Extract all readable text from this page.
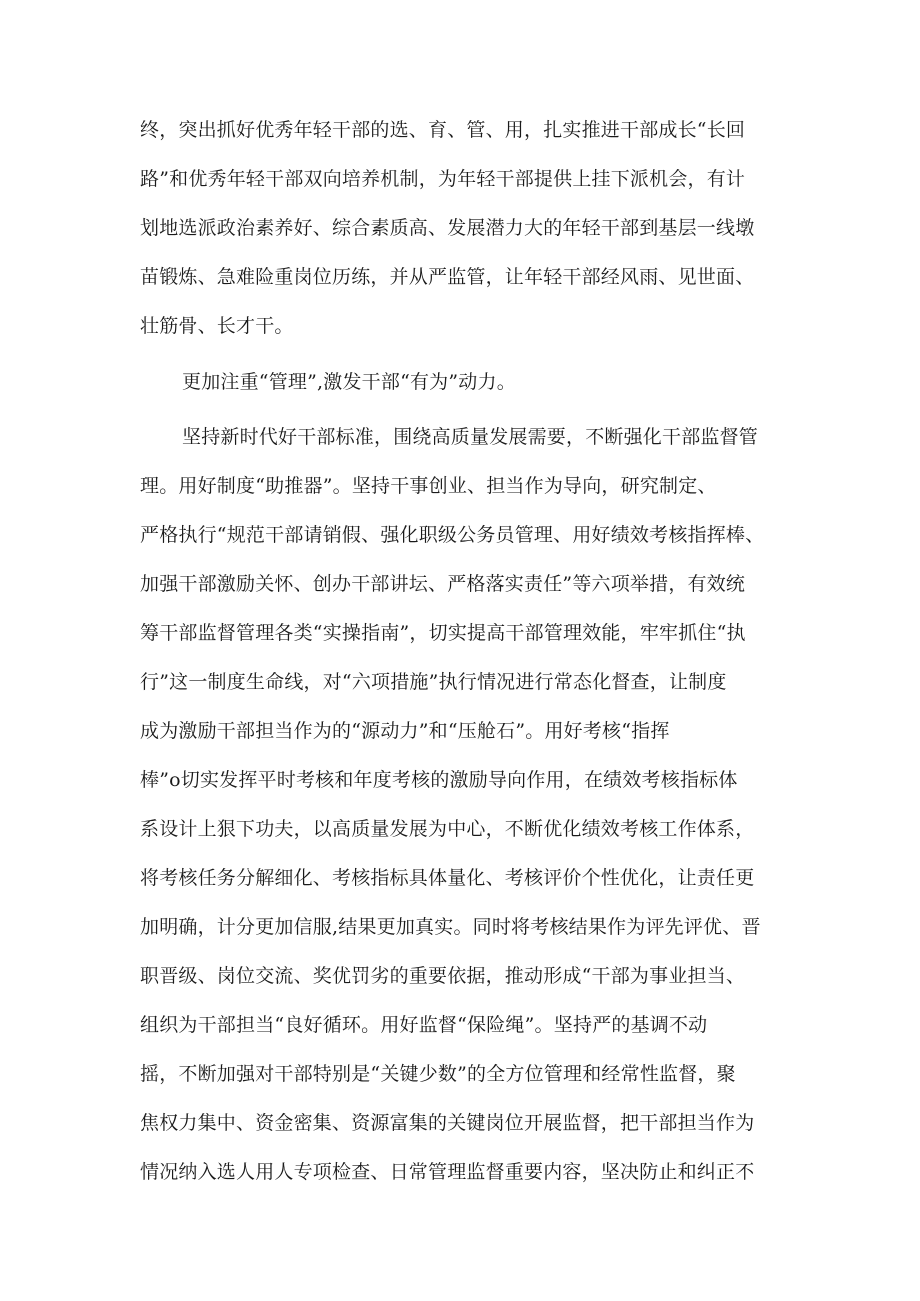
终，突出抓好优秀年轻干部的选、育、管、用，扎实推进干部成长“长回
路”和优秀年轻干部双向培养机制，为年轻干部提供上挂下派机会，有计
划地选派政治素养好、综合素质高、发展潜力大的年轻干部到基层一线墩
苗锻炼、急难险重岗位历练，并从严监管，让年轻干部经风雨、见世面、
壮筋骨、长才干。
更加注重“管理”,激发干部“有为”动力。
坚持新时代好干部标准，围绕高质量发展需要，不断强化干部监督管
理。用好制度“助推器”。坚持干事创业、担当作为导向，研究制定、
严格执行“规范干部请销假、强化职级公务员管理、用好绩效考核指挥棒、
加强干部激励关怀、创办干部讲坛、严格落实责任”等六项举措，有效统
筹干部监督管理各类“实操指南”，切实提高干部管理效能，牢牢抓住“执
行”这一制度生命线，对“六项措施”执行情况进行常态化督查，让制度
成为激励干部担当作为的“源动力”和“压舱石”。用好考核“指挥
棒”o切实发挥平时考核和年度考核的激励导向作用，在绩效考核指标体
系设计上狠下功夫，以高质量发展为中心，不断优化绩效考核工作体系，
将考核任务分解细化、考核指标具体量化、考核评价个性优化，让责任更
加明确，计分更加信服,结果更加真实。同时将考核结果作为评先评优、晋
职晋级、岗位交流、奖优罚劣的重要依据，推动形成“干部为事业担当、
组织为干部担当“良好循环。用好监督“保险绳”。坚持严的基调不动
摇，不断加强对干部特别是“关键少数”的全方位管理和经常性监督，聚
焦权力集中、资金密集、资源富集的关键岗位开展监督，把干部担当作为
情况纳入选人用人专项检查、日常管理监督重要内容，坚决防止和纠正不
